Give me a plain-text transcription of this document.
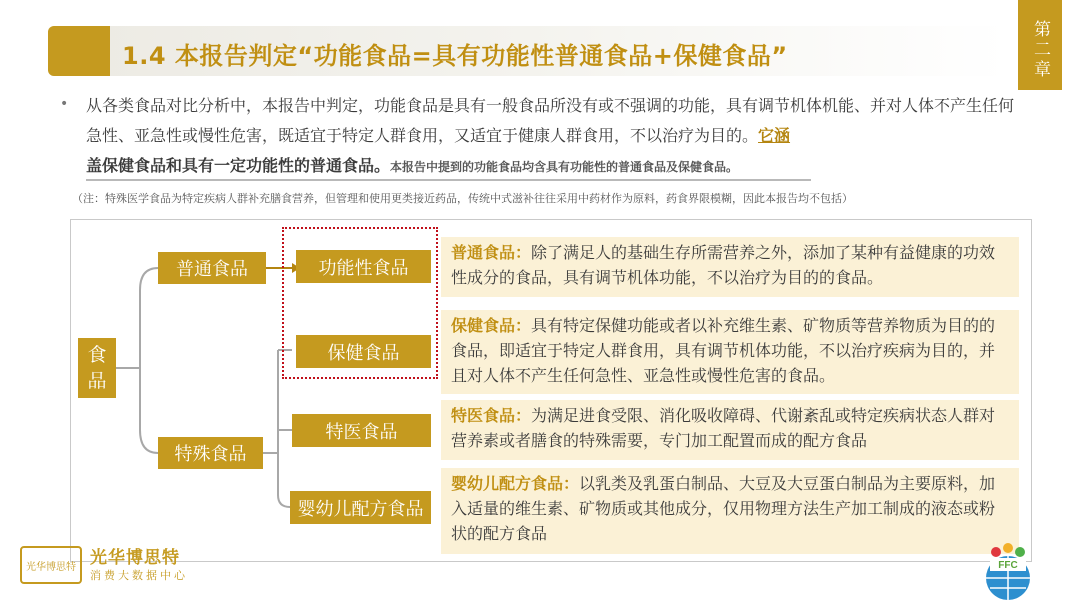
1.4 本报告判定“功能食品=具有功能性普通食品+保健食品”	第二章
• 从各类食品对比分析中，本报告中判定，功能食品是具有一般食品所没有或不强调的功能，具有调节机体机能、并对人体不产生任何急性、亚急性或慢性危害，既适宜于特定人群食用，又适宜于健康人群食用，不以治疗为目的。它涵
盖保健食品和具有一定功能性的普通食品。本报告中提到的功能食品均含具有功能性的普通食品及保健食品。
（注：特殊医学食品为特定疾病人群补充膳食营养，但管理和使用更类接近药品，传统中式滋补往往采用中药材作为原料，药食界限模糊，因此本报告均不包括）
食品
普通食品
特殊食品
功能性食品
保健食品
特医食品
婴幼儿配方食品
普通食品：除了满足人的基础生存所需营养之外，添加了某种有益健康的功效性成分的食品，具有调节机体功能，不以治疗为目的的食品。
保健食品：具有特定保健功能或者以补充维生素、矿物质等营养物质为目的的食品，即适宜于特定人群食用，具有调节机体功能，不以治疗疾病为目的，并且对人体不产生任何急性、亚急性或慢性危害的食品。
特医食品：为满足进食受限、消化吸收障碍、代谢紊乱或特定疾病状态人群对营养素或者膳食的特殊需要，专门加工配置而成的配方食品
婴幼儿配方食品：以乳类及乳蛋白制品、大豆及大豆蛋白制品为主要原料，加入适量的维生素、矿物质或其他成分，仅用物理方法生产加工制成的液态或粉状的配方食品
光华博思特 光华博思特
消费大数据中心
FFC
